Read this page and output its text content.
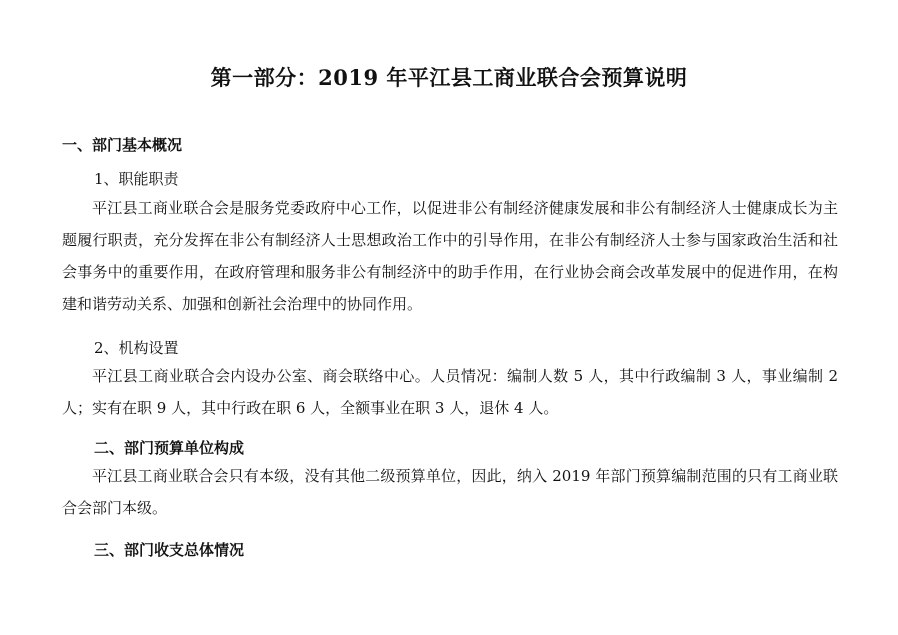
第一部分：2019 年平江县工商业联合会预算说明
一、部门基本概况
1、职能职责
平江县工商业联合会是服务党委政府中心工作，以促进非公有制经济健康发展和非公有制经济人士健康成长为主题履行职责，充分发挥在非公有制经济人士思想政治工作中的引导作用，在非公有制经济人士参与国家政治生活和社会事务中的重要作用，在政府管理和服务非公有制经济中的助手作用，在行业协会商会改革发展中的促进作用，在构建和谐劳动关系、加强和创新社会治理中的协同作用。
2、机构设置
平江县工商业联合会内设办公室、商会联络中心。人员情况：编制人数 5 人，其中行政编制 3 人，事业编制 2 人；实有在职 9 人，其中行政在职 6 人，全额事业在职 3 人，退休 4 人。
二、部门预算单位构成
平江县工商业联合会只有本级，没有其他二级预算单位，因此，纳入 2019 年部门预算编制范围的只有工商业联合会部门本级。
三、部门收支总体情况
